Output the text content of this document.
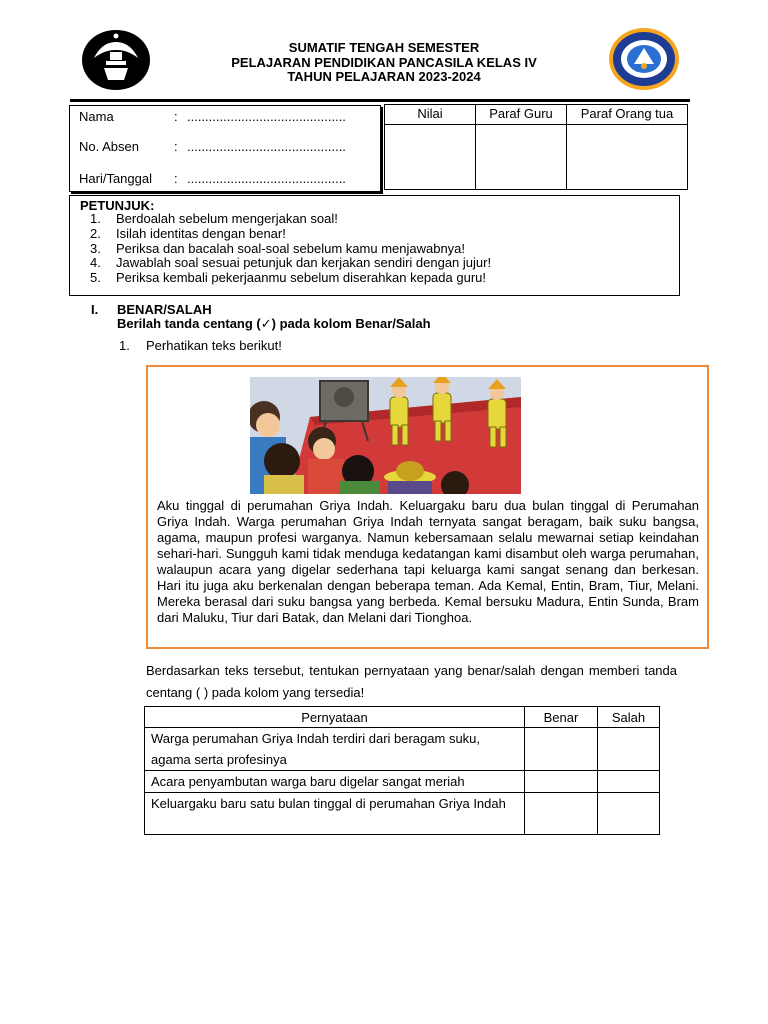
SUMATIF TENGAH SEMESTER
PELAJARAN PENDIDIKAN PANCASILA KELAS IV
TAHUN PELAJARAN 2023-2024
Nama	: ............................................
No. Absen	: ............................................
Hari/Tanggal : ............................................
Nilai	Paraf Guru	Paraf Orang tua

PETUNJUK:
1. Berdoalah sebelum mengerjakan soal!
2. Isilah identitas dengan benar!
3. Periksa dan bacalah soal-soal sebelum kamu menjawabnya!
4. Jawablah soal sesuai petunjuk dan kerjakan sendiri dengan jujur!
5. Periksa kembali pekerjaanmu sebelum diserahkan kepada guru!
I. BENAR/SALAH
Berilah tanda centang (✓) pada kolom Benar/Salah
1. Perhatikan teks berikut!

Aku tinggal di perumahan Griya Indah. Keluargaku baru dua bulan tinggal di Perumahan Griya Indah. Warga perumahan Griya Indah ternyata sangat beragam, baik suku bangsa, agama, maupun profesi warganya. Namun kebersamaan selalu mewarnai setiap keindahan sehari-hari. Sungguh kami tidak menduga kedatangan kami disambut oleh warga perumahan, walaupun acara yang digelar sederhana tapi keluarga kami sangat senang dan berkesan. Hari itu juga aku berkenalan dengan beberapa teman. Ada Kemal, Entin, Bram, Tiur, Melani. Mereka berasal dari suku bangsa yang berbeda. Kemal bersuku Madura, Entin Sunda, Bram dari Maluku, Tiur dari Batak, dan Melani dari Tionghoa.

Berdasarkan teks tersebut, tentukan pernyataan yang benar/salah dengan memberi tanda centang ( ) pada kolom yang tersedia!

Pernyataan	Benar	Salah
Warga perumahan Griya Indah terdiri dari beragam suku, agama serta profesinya		
Acara penyambutan warga baru digelar sangat meriah		
Keluargaku baru satu bulan tinggal di perumahan Griya Indah		
